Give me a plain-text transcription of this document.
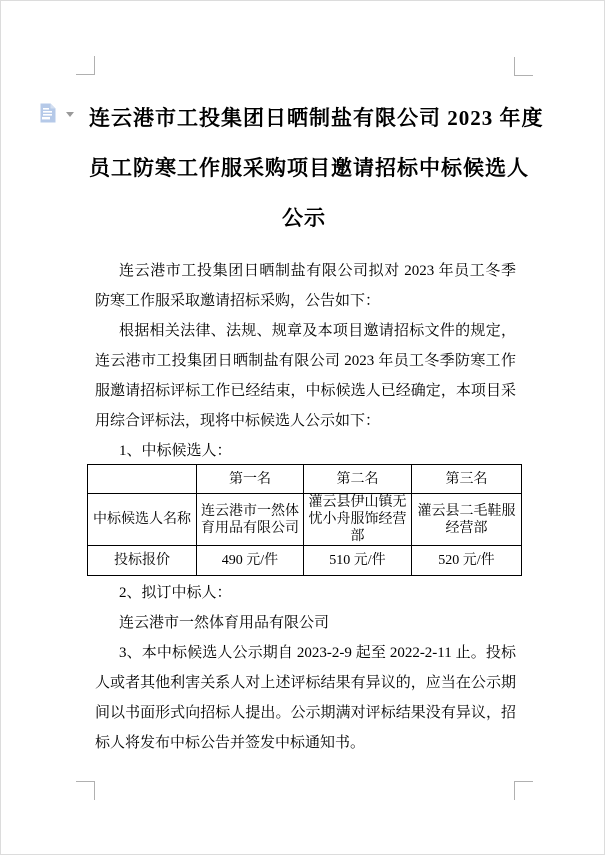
连云港市工投集团日晒制盐有限公司 2023 年度
员工防寒工作服采购项目邀请招标中标候选人
公示

连云港市工投集团日晒制盐有限公司拟对 2023 年员工冬季防寒工作服采取邀请招标采购，公告如下：

根据相关法律、法规、规章及本项目邀请招标文件的规定，连云港市工投集团日晒制盐有限公司 2023 年员工冬季防寒工作服邀请招标评标工作已经结束，中标候选人已经确定，本项目采用综合评标法，现将中标候选人公示如下：

1、中标候选人：

	第一名	第二名	第三名
中标候选人名称	连云港市一然体育用品有限公司	灌云县伊山镇无忧小舟服饰经营部	灌云县二毛鞋服经营部
投标报价	490 元/件	510 元/件	520 元/件

2、拟订中标人：

连云港市一然体育用品有限公司

3、本中标候选人公示期自 2023-2-9 起至 2022-2-11 止。投标人或者其他利害关系人对上述评标结果有异议的，应当在公示期间以书面形式向招标人提出。公示期满对评标结果没有异议，招标人将发布中标公告并签发中标通知书。
